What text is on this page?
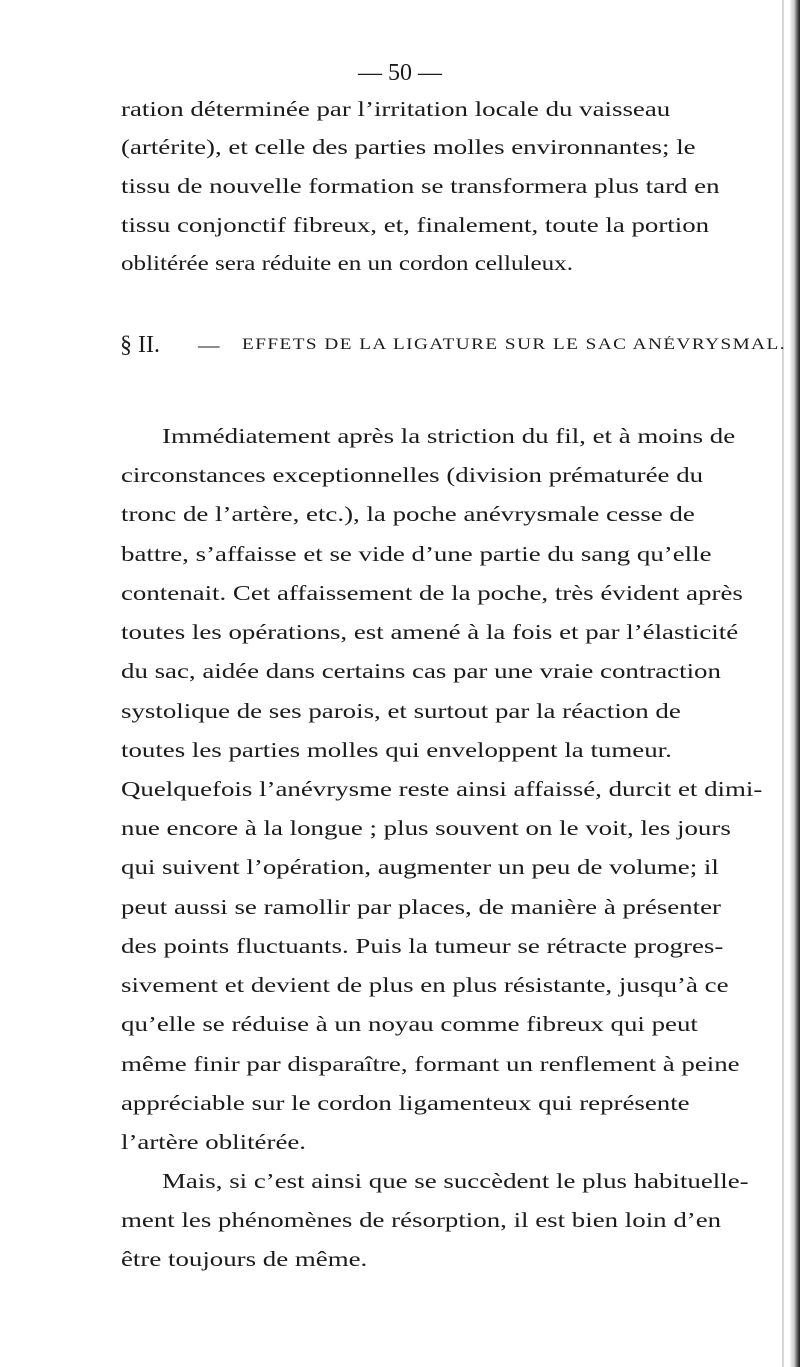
— 50 —
ration déterminée par l’irritation locale du vaisseau
(artérite), et celle des parties molles environnantes; le
tissu de nouvelle formation se transformera plus tard en
tissu conjonctif fibreux, et, finalement, toute la portion
oblitérée sera réduite en un cordon celluleux.
§ II. — EFFETS DE LA LIGATURE SUR LE SAC ANÉVRYSMAL.
Immédiatement après la striction du fil, et à moins de
circonstances exceptionnelles (division prématurée du
tronc de l’artère, etc.), la poche anévrysmale cesse de
battre, s’affaisse et se vide d’une partie du sang qu’elle
contenait. Cet affaissement de la poche, très évident après
toutes les opérations, est amené à la fois et par l’élasticité
du sac, aidée dans certains cas par une vraie contraction
systolique de ses parois, et surtout par la réaction de
toutes les parties molles qui enveloppent la tumeur.
Quelquefois l’anévrysme reste ainsi affaissé, durcit et dimi-
nue encore à la longue ; plus souvent on le voit, les jours
qui suivent l’opération, augmenter un peu de volume; il
peut aussi se ramollir par places, de manière à présenter
des points fluctuants. Puis la tumeur se rétracte progres-
sivement et devient de plus en plus résistante, jusqu’à ce
qu’elle se réduise à un noyau comme fibreux qui peut
même finir par disparaître, formant un renflement à peine
appréciable sur le cordon ligamenteux qui représente
l’artère oblitérée.
Mais, si c’est ainsi que se succèdent le plus habituelle-
ment les phénomènes de résorption, il est bien loin d’en
être toujours de même.
